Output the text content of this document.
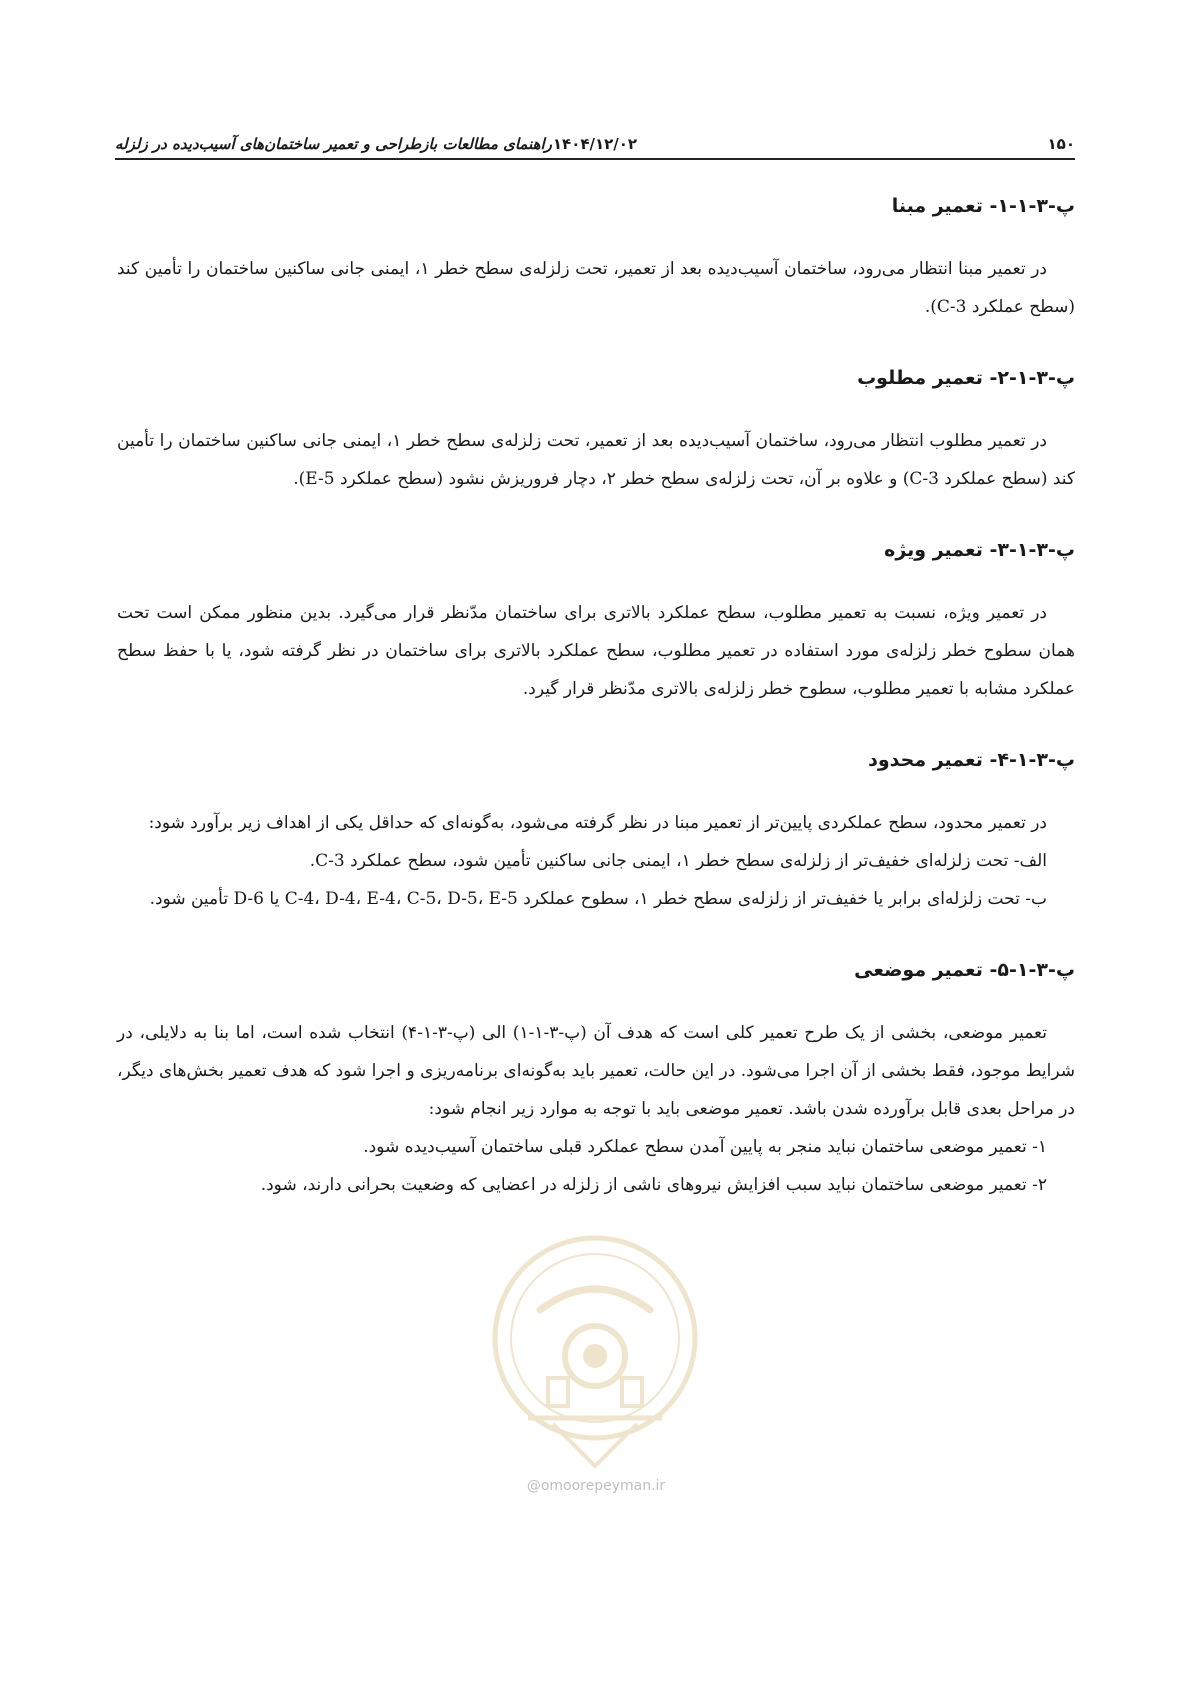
۱۵۰
۱۴۰۴/۱۲/۰۲
راهنمای مطالعات بازطراحی و تعمیر ساختمان‌های آسیب‌دیده در زلزله
پ-۳-۱-۱- تعمیر مبنا

در تعمیر مبنا انتظار می‌رود، ساختمان آسیب‌دیده بعد از تعمیر، تحت زلزله‌ی سطح خطر ۱، ایمنی جانی ساکنین ساختمان را تأمین کند (سطح عملکرد C-3).

پ-۳-۱-۲- تعمیر مطلوب

در تعمیر مطلوب انتظار می‌رود، ساختمان آسیب‌دیده بعد از تعمیر، تحت زلزله‌ی سطح خطر ۱، ایمنی جانی ساکنین ساختمان را تأمین کند (سطح عملکرد C-3) و علاوه بر آن، تحت زلزله‌ی سطح خطر ۲، دچار فروریزش نشود (سطح عملکرد E-5).

پ-۳-۱-۳- تعمیر ویژه

در تعمیر ویژه، نسبت به تعمیر مطلوب، سطح عملکرد بالاتری برای ساختمان مدّنظر قرار می‌گیرد. بدین منظور ممکن است تحت همان سطوح خطر زلزله‌ی مورد استفاده در تعمیر مطلوب، سطح عملکرد بالاتری برای ساختمان در نظر گرفته شود، یا با حفظ سطح عملکرد مشابه با تعمیر مطلوب، سطوح خطر زلزله‌ی بالاتری مدّنظر قرار گیرد.

پ-۳-۱-۴- تعمیر محدود

در تعمیر محدود، سطح عملکردی پایین‌تر از تعمیر مبنا در نظر گرفته می‌شود، به‌گونه‌ای که حداقل یکی از اهداف زیر برآورد شود:

الف- تحت زلزله‌ای خفیف‌تر از زلزله‌ی سطح خطر ۱، ایمنی جانی ساکنین تأمین شود، سطح عملکرد C-3.

ب- تحت زلزله‌ای برابر یا خفیف‌تر از زلزله‌ی سطح خطر ۱، سطوح عملکرد C-4، D-4، E-4، C-5، D-5، E-5 یا D-6 تأمین شود.

پ-۳-۱-۵- تعمیر موضعی

تعمیر موضعی، بخشی از یک طرح تعمیر کلی است که هدف آن (پ-۳-۱-۱) الی (پ-۳-۱-۴) انتخاب شده است، اما بنا به دلایلی، در شرایط موجود، فقط بخشی از آن اجرا می‌شود. در این حالت، تعمیر باید به‌گونه‌ای برنامه‌ریزی و اجرا شود که هدف تعمیر بخش‌های دیگر، در مراحل بعدی قابل برآورده شدن باشد. تعمیر موضعی باید با توجه به موارد زیر انجام شود:

۱- تعمیر موضعی ساختمان نباید منجر به پایین آمدن سطح عملکرد قبلی ساختمان آسیب‌دیده شود.

۲- تعمیر موضعی ساختمان نباید سبب افزایش نیروهای ناشی از زلزله در اعضایی که وضعیت بحرانی دارند، شود.

@omoorepeyman.ir
